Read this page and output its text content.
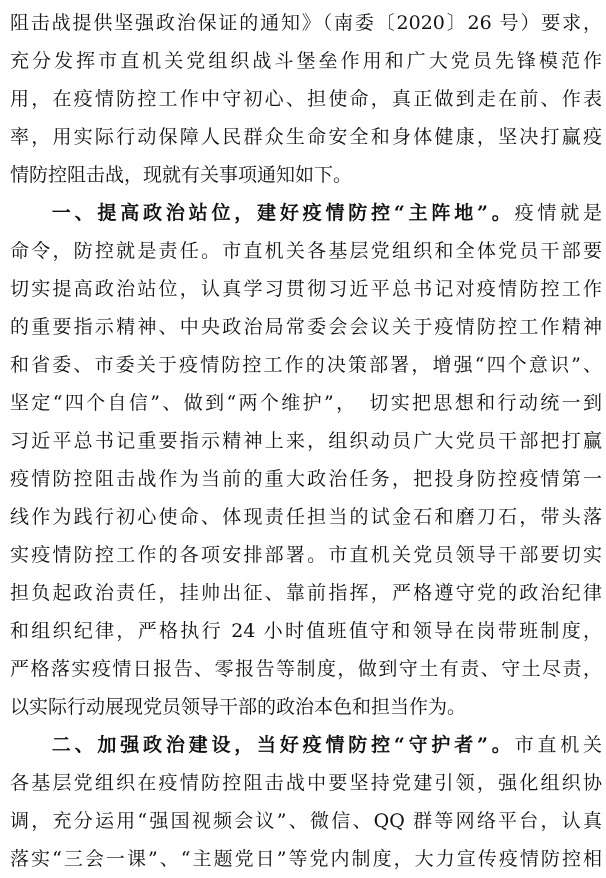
阻击战提供坚强政治保证的通知》（南委〔2020〕26 号）要求，
充分发挥市直机关党组织战斗堡垒作用和广大党员先锋模范作
用，在疫情防控工作中守初心、担使命，真正做到走在前、作表
率，用实际行动保障人民群众生命安全和身体健康，坚决打赢疫
情防控阻击战，现就有关事项通知如下。
一、提高政治站位，建好疫情防控“主阵地”。疫情就是
命令，防控就是责任。市直机关各基层党组织和全体党员干部要
切实提高政治站位，认真学习贯彻习近平总书记对疫情防控工作
的重要指示精神、中央政治局常委会会议关于疫情防控工作精神
和省委、市委关于疫情防控工作的决策部署，增强“四个意识”、
坚定“四个自信”、做到“两个维护”，　切实把思想和行动统一到
习近平总书记重要指示精神上来，组织动员广大党员干部把打赢
疫情防控阻击战作为当前的重大政治任务，把投身防控疫情第一
线作为践行初心使命、体现责任担当的试金石和磨刀石，带头落
实疫情防控工作的各项安排部署。市直机关党员领导干部要切实
担负起政治责任，挂帅出征、靠前指挥，严格遵守党的政治纪律
和组织纪律，严格执行 24 小时值班值守和领导在岗带班制度，
严格落实疫情日报告、零报告等制度，做到守土有责、守土尽责，
以实际行动展现党员领导干部的政治本色和担当作为。
二、加强政治建设，当好疫情防控“守护者”。市直机关
各基层党组织在疫情防控阻击战中要坚持党建引领，强化组织协
调，充分运用“强国视频会议”、微信、QQ 群等网络平台，认真
落实“三会一课”、“主题党日”等党内制度，大力宣传疫情防控相
